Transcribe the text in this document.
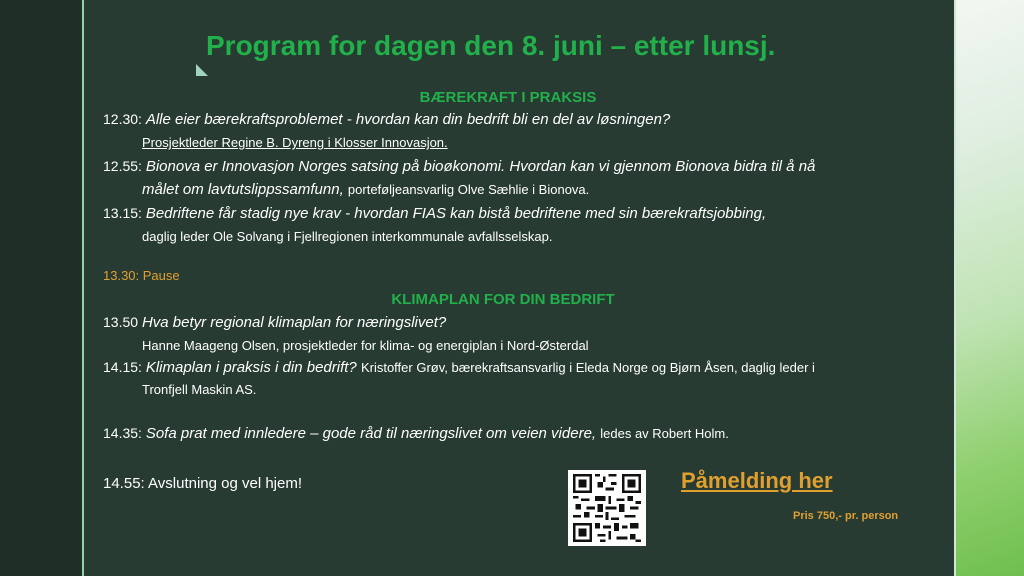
Program for dagen den 8. juni – etter lunsj.
BÆREKRAFT I PRAKSIS
12.30: Alle eier bærekraftsproblemet - hvordan kan din bedrift bli en del av løsningen?
Prosjektleder Regine B. Dyreng i Klosser Innovasjon.
12.55: Bionova er Innovasjon Norges satsing på bioøkonomi. Hvordan kan vi gjennom Bionova bidra til å nå
målet om lavtutslippssamfunn, porteføljeansvarlig Olve Sæhlie i Bionova.
13.15: Bedriftene får stadig nye krav - hvordan FIAS kan bistå bedriftene med sin bærekraftsjobbing,
daglig leder Ole Solvang i Fjellregionen interkommunale avfallsselskap.
13.30: Pause
KLIMAPLAN FOR DIN BEDRIFT
13.50 Hva betyr regional klimaplan for næringslivet?
Hanne Maageng Olsen, prosjektleder for klima- og energiplan i Nord-Østerdal
14.15: Klimaplan i praksis i din bedrift? Kristoffer Grøv, bærekraftsansvarlig i Eleda Norge og Bjørn Åsen, daglig leder i
Tronfjell Maskin AS.
14.35: Sofa prat med innledere – gode råd til næringslivet om veien videre, ledes av Robert Holm.
14.55: Avslutning og vel hjem!	Påmelding her
Pris 750,- pr. person
